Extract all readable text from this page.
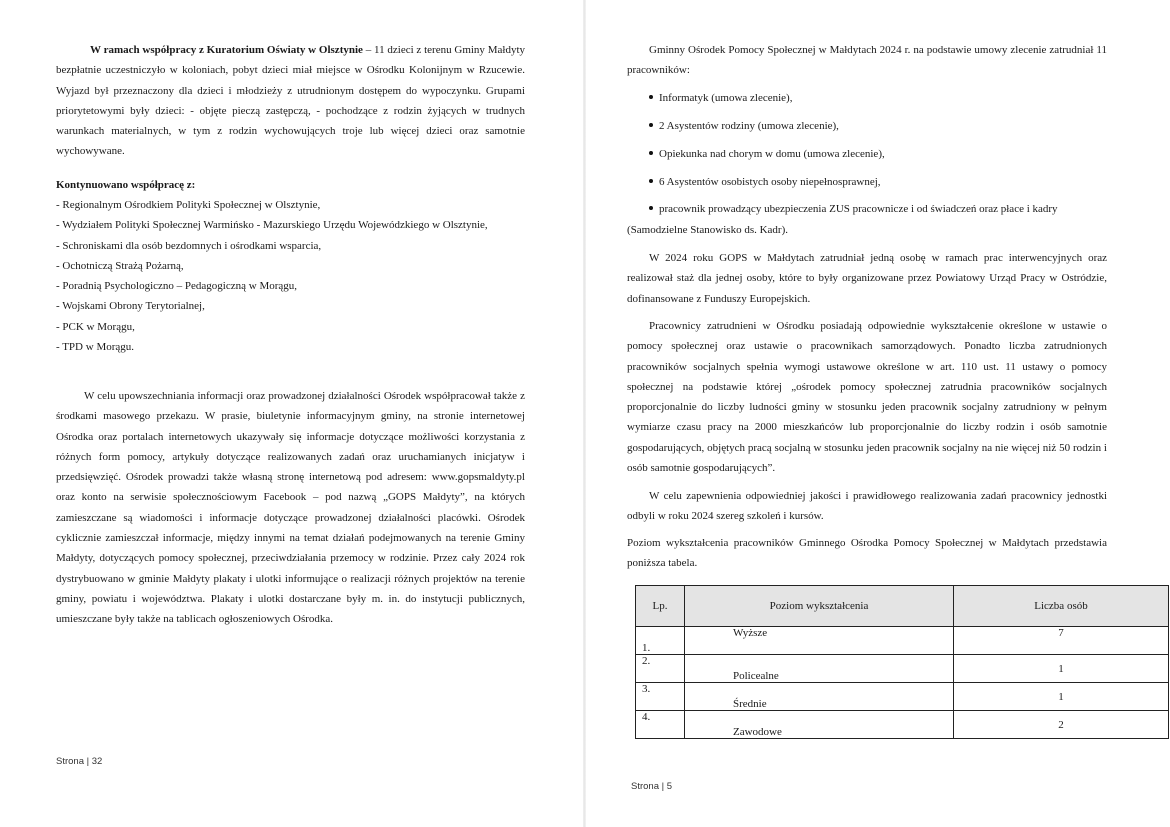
W ramach współpracy z Kuratorium Oświaty w Olsztynie – 11 dzieci z terenu Gminy Małdyty bezpłatnie uczestniczyło w koloniach, pobyt dzieci miał miejsce w Ośrodku Kolonijnym w Rzucewie. Wyjazd był przeznaczony dla dzieci i młodzieży z utrudnionym dostępem do wypoczynku. Grupami priorytetowymi były dzieci: - objęte pieczą zastępczą, - pochodzące z rodzin żyjących w trudnych warunkach materialnych, w tym z rodzin wychowujących troje lub więcej dzieci oraz samotnie wychowywane.

Kontynuowano współpracę z:
- Regionalnym Ośrodkiem Polityki Społecznej w Olsztynie,
- Wydziałem Polityki Społecznej Warmińsko - Mazurskiego Urzędu Wojewódzkiego w Olsztynie,
- Schroniskami dla osób bezdomnych i ośrodkami wsparcia,
- Ochotniczą Strażą Pożarną,
- Poradnią Psychologiczno – Pedagogiczną w Morągu,
- Wojskami Obrony Terytorialnej,
- PCK w Morągu,
- TPD w Morągu.

W celu upowszechniania informacji oraz prowadzonej działalności Ośrodek współpracował także z środkami masowego przekazu. W prasie, biuletynie informacyjnym gminy, na stronie internetowej Ośrodka oraz portalach internetowych ukazywały się informacje dotyczące możliwości korzystania z różnych form pomocy, artykuły dotyczące realizowanych zadań oraz uruchamianych inicjatyw i przedsięwzięć. Ośrodek prowadzi także własną stronę internetową pod adresem: www.gopsmaldyty.pl oraz konto na serwisie społecznościowym Facebook – pod nazwą „GOPS Małdyty”, na których zamieszczane są wiadomości i informacje dotyczące prowadzonej działalności placówki. Ośrodek cyklicznie zamieszczał informacje, między innymi na temat działań podejmowanych na terenie Gminy Małdyty, dotyczących pomocy społecznej, przeciwdziałania przemocy w rodzinie. Przez cały 2024 rok dystrybuowano w gminie Małdyty plakaty i ulotki informujące o realizacji różnych projektów na terenie gminy, powiatu i województwa. Plakaty i ulotki dostarczane były m. in. do instytucji publicznych, umieszczane były także na tablicach ogłoszeniowych Ośrodka.

Strona | 32

Gminny Ośrodek Pomocy Społecznej w Małdytach 2024 r. na podstawie umowy zlecenie zatrudniał 11 pracowników:

Informatyk (umowa zlecenie),
2 Asystentów rodziny (umowa zlecenie),
Opiekunka nad chorym w domu (umowa zlecenie),
6 Asystentów osobistych osoby niepełnosprawnej,
pracownik prowadzący ubezpieczenia ZUS pracownicze i od świadczeń oraz płace i kadry
(Samodzielne Stanowisko ds. Kadr).

W 2024 roku GOPS w Małdytach zatrudniał jedną osobę w ramach prac interwencyjnych oraz realizował staż dla jednej osoby, które to były organizowane przez Powiatowy Urząd Pracy w Ostródzie, dofinansowane z Funduszy Europejskich.

Pracownicy zatrudnieni w Ośrodku posiadają odpowiednie wykształcenie określone w ustawie o pomocy społecznej oraz ustawie o pracownikach samorządowych. Ponadto liczba zatrudnionych pracowników socjalnych spełnia wymogi ustawowe określone w art. 110 ust. 11 ustawy o pomocy społecznej na podstawie której „ośrodek pomocy społecznej zatrudnia pracowników socjalnych proporcjonalnie do liczby ludności gminy w stosunku jeden pracownik socjalny zatrudniony w pełnym wymiarze czasu pracy na 2000 mieszkańców lub proporcjonalnie do liczby rodzin i osób samotnie gospodarujących, objętych pracą socjalną w stosunku jeden pracownik socjalny na nie więcej niż 50 rodzin i osób samotnie gospodarujących”.

W celu zapewnienia odpowiedniej jakości i prawidłowego realizowania zadań pracownicy jednostki odbyli w roku 2024 szereg szkoleń i kursów.

Poziom wykształcenia pracowników Gminnego Ośrodka Pomocy Społecznej w Małdytach przedstawia poniższa tabela.

Lp.	Poziom wykształcenia	Liczba osób
1.	Wyższe	7
2.	Policealne	1
3.	Średnie	1
4.	Zawodowe	2
Strona | 5
